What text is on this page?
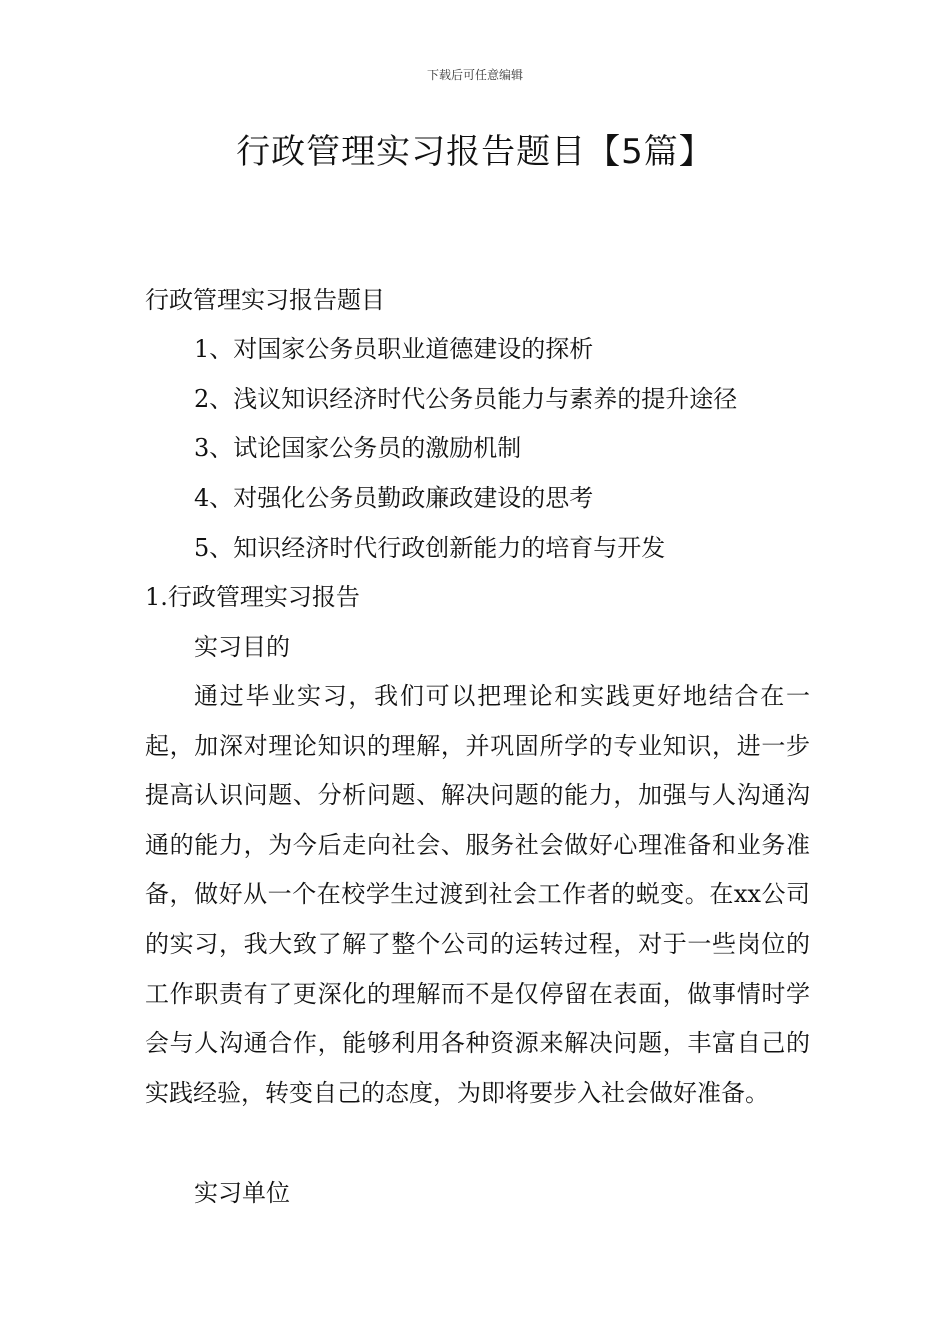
下载后可任意编辑
行政管理实习报告题目【5篇】
行政管理实习报告题目
1、对国家公务员职业道德建设的探析
2、浅议知识经济时代公务员能力与素养的提升途径
3、试论国家公务员的激励机制
4、对强化公务员勤政廉政建设的思考
5、知识经济时代行政创新能力的培育与开发
1.行政管理实习报告
实习目的

通过毕业实习，我们可以把理论和实践更好地结合在一起，加深对理论知识的理解，并巩固所学的专业知识，进一步提高认识问题、分析问题、解决问题的能力，加强与人沟通沟通的能力，为今后走向社会、服务社会做好心理准备和业务准备，做好从一个在校学生过渡到社会工作者的蜕变。在xx公司的实习，我大致了解了整个公司的运转过程，对于一些岗位的工作职责有了更深化的理解而不是仅停留在表面，做事情时学会与人沟通合作，能够利用各种资源来解决问题，丰富自己的实践经验，转变自己的态度，为即将要步入社会做好准备。

实习单位
